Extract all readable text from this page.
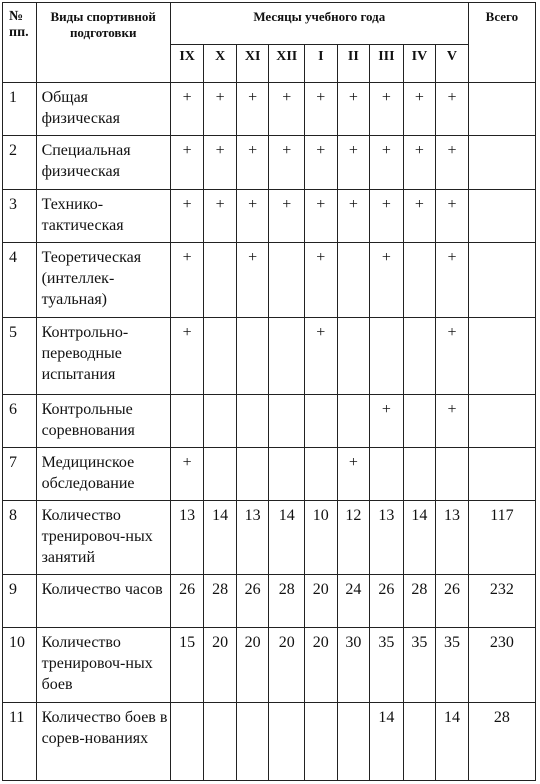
№ пп.	Виды спортивной подготовки	Месяцы учебного года									Всего
		IX	X	XI	XII	I	II	III	IV	V	
1	Общая физическая	+	+	+	+	+	+	+	+	+	
2	Специальная физическая	+	+	+	+	+	+	+	+	+	
3	Технико-тактическая	+	+	+	+	+	+	+	+	+	
4	Теоретическая (интеллек-туальная)	+		+		+		+		+	
5	Контрольно-переводные испытания	+				+				+	
6	Контрольные соревнования							+		+	
7	Медицинское обследование	+					+				
8	Количество тренировоч-ных занятий	13	14	13	14	10	12	13	14	13	117
9	Количество часов	26	28	26	28	20	24	26	28	26	232
10	Количество тренировоч-ных боев	15	20	20	20	20	30	35	35	35	230
11	Количество боев в сорев-нованиях							14		14	28
